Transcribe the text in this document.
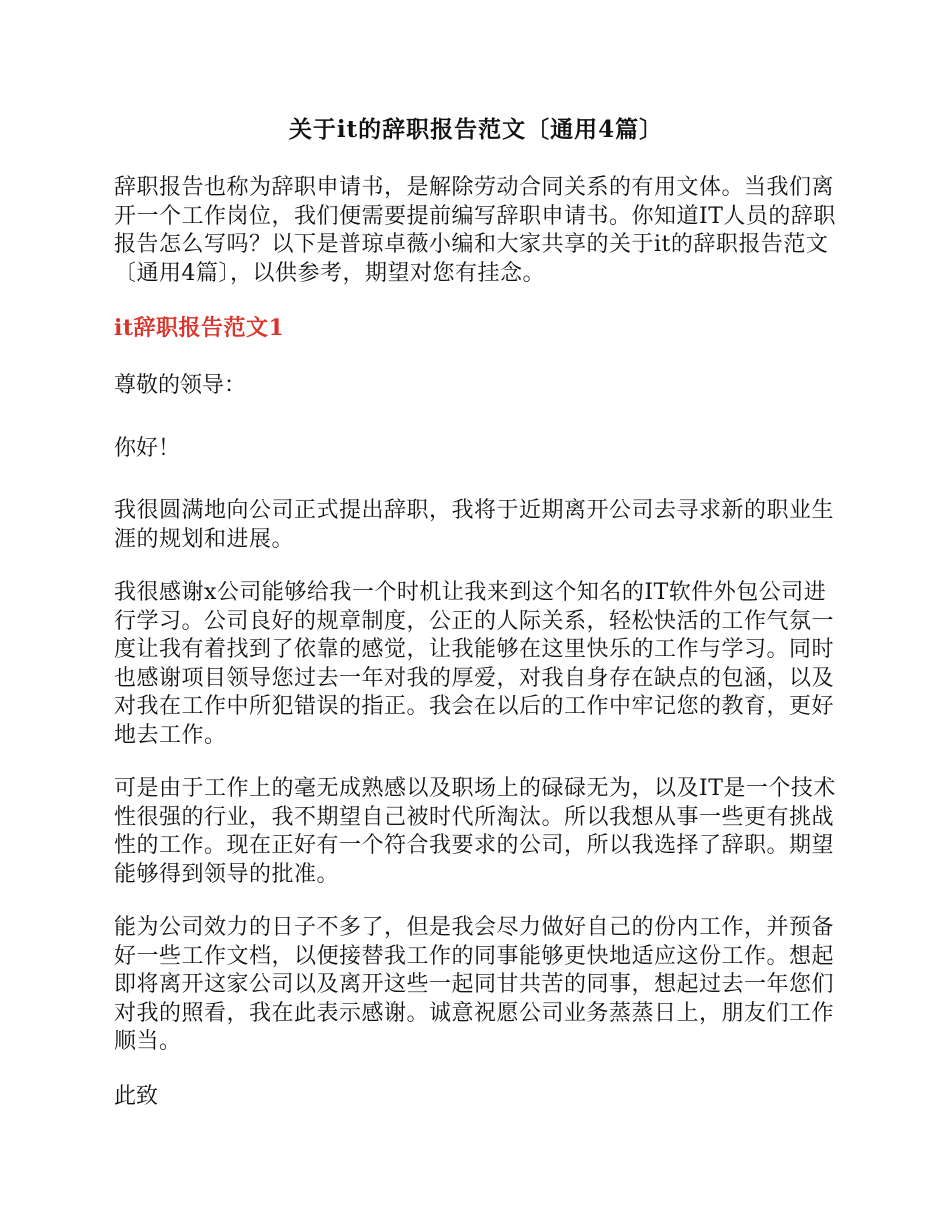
关于it的辞职报告范文〔通用4篇〕

辞职报告也称为辞职申请书，是解除劳动合同关系的有用文体。当我们离开一个工作岗位，我们便需要提前编写辞职申请书。你知道IT人员的辞职报告怎么写吗？以下是普琼卓薇小编和大家共享的关于it的辞职报告范文〔通用4篇〕，以供参考，期望对您有挂念。

it辞职报告范文1

尊敬的领导：

你好！

我很圆满地向公司正式提出辞职，我将于近期离开公司去寻求新的职业生涯的规划和进展。

我很感谢x公司能够给我一个时机让我来到这个知名的IT软件外包公司进行学习。公司良好的规章制度，公正的人际关系，轻松快活的工作气氛一度让我有着找到了依靠的感觉，让我能够在这里快乐的工作与学习。同时也感谢项目领导您过去一年对我的厚爱，对我自身存在缺点的包涵，以及对我在工作中所犯错误的指正。我会在以后的工作中牢记您的教育，更好地去工作。

可是由于工作上的毫无成熟感以及职场上的碌碌无为，以及IT是一个技术性很强的行业，我不期望自己被时代所淘汰。所以我想从事一些更有挑战性的工作。现在正好有一个符合我要求的公司，所以我选择了辞职。期望能够得到领导的批准。

能为公司效力的日子不多了，但是我会尽力做好自己的份内工作，并预备好一些工作文档，以便接替我工作的同事能够更快地适应这份工作。想起即将离开这家公司以及离开这些一起同甘共苦的同事，想起过去一年您们对我的照看，我在此表示感谢。诚意祝愿公司业务蒸蒸日上，朋友们工作顺当。

此致
